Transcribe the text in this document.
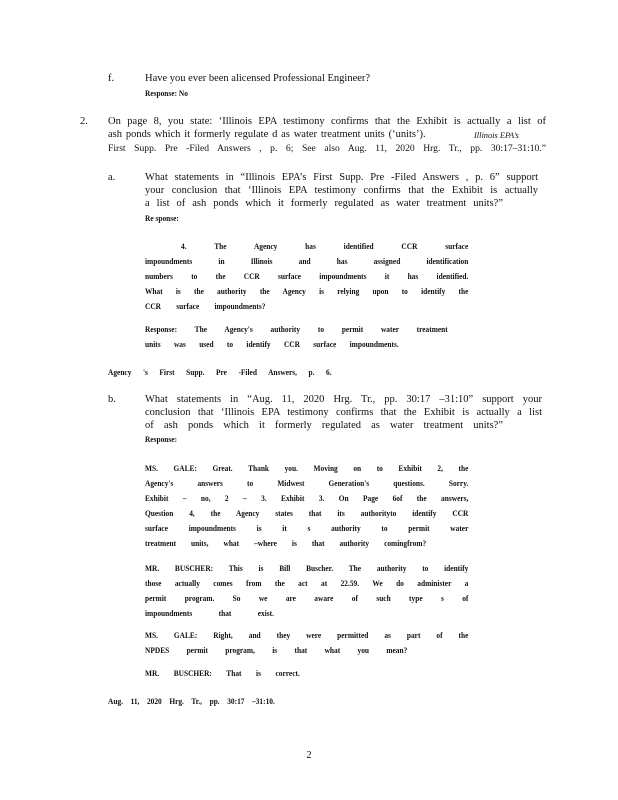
f.	Have you ever been alicensed Professional Engineer?
Response: No
2. On page 8, you state: ‘Illinois EPA testimony confirms that the Exhibit is actually a list of
ash ponds which it formerly regulate d as water treatment units (‘units’).	Illinois EPA’s
First Supp. Pre -Filed Answers , p. 6; See also Aug. 11, 2020 Hrg. Tr., pp. 30:17–31:10.”
a.	What statements in “Illinois EPA’s First Supp. Pre -Filed Answers , p. 6” support
your conclusion that ‘Illinois EPA testimony confirms that the Exhibit is actually
a list of ash ponds which it formerly regulated as water treatment units?”
Re sponse:
4. The Agency has identified CCR surface
impoundments in Illinois and has assigned identification
numbers to the CCR surface impoundments it has identified.
What is the authority the Agency is relying upon to identify the
CCR surface impoundments?
Response: The Agency's authority to permit water treatment
units was used to identify CCR surface impoundments.
Agency 's First Supp. Pre -Filed Answers, p. 6.
b.	What statements in “Aug. 11, 2020 Hrg. Tr., pp. 30:17 –31:10” support your
conclusion that ‘Illinois EPA testimony confirms that the Exhibit is actually a list
of ash ponds which it formerly regulated as water treatment units?”
Response:
MS. GALE: Great. Thank you. Moving on to Exhibit 2, the
Agency's answers to Midwest Generation's questions. Sorry.
Exhibit – no, 2 – 3. Exhibit 3. On Page 6of the answers,
Question 4, the Agency states that its authorityto identify CCR
surface impoundments is it s authority to permit water
treatment units, what –where is that authority comingfrom?
MR. BUSCHER: This is Bill Buscher. The authority to identify
those actually comes from the act at 22.59. We do administer a
permit program. So we are aware of such type s of
impoundments that exist.
MS. GALE: Right, and they were permitted as part of the
NPDES permit program, is that what you mean?
MR. BUSCHER: That is correct.
Aug. 11, 2020 Hrg. Tr., pp. 30:17 –31:10.
2
